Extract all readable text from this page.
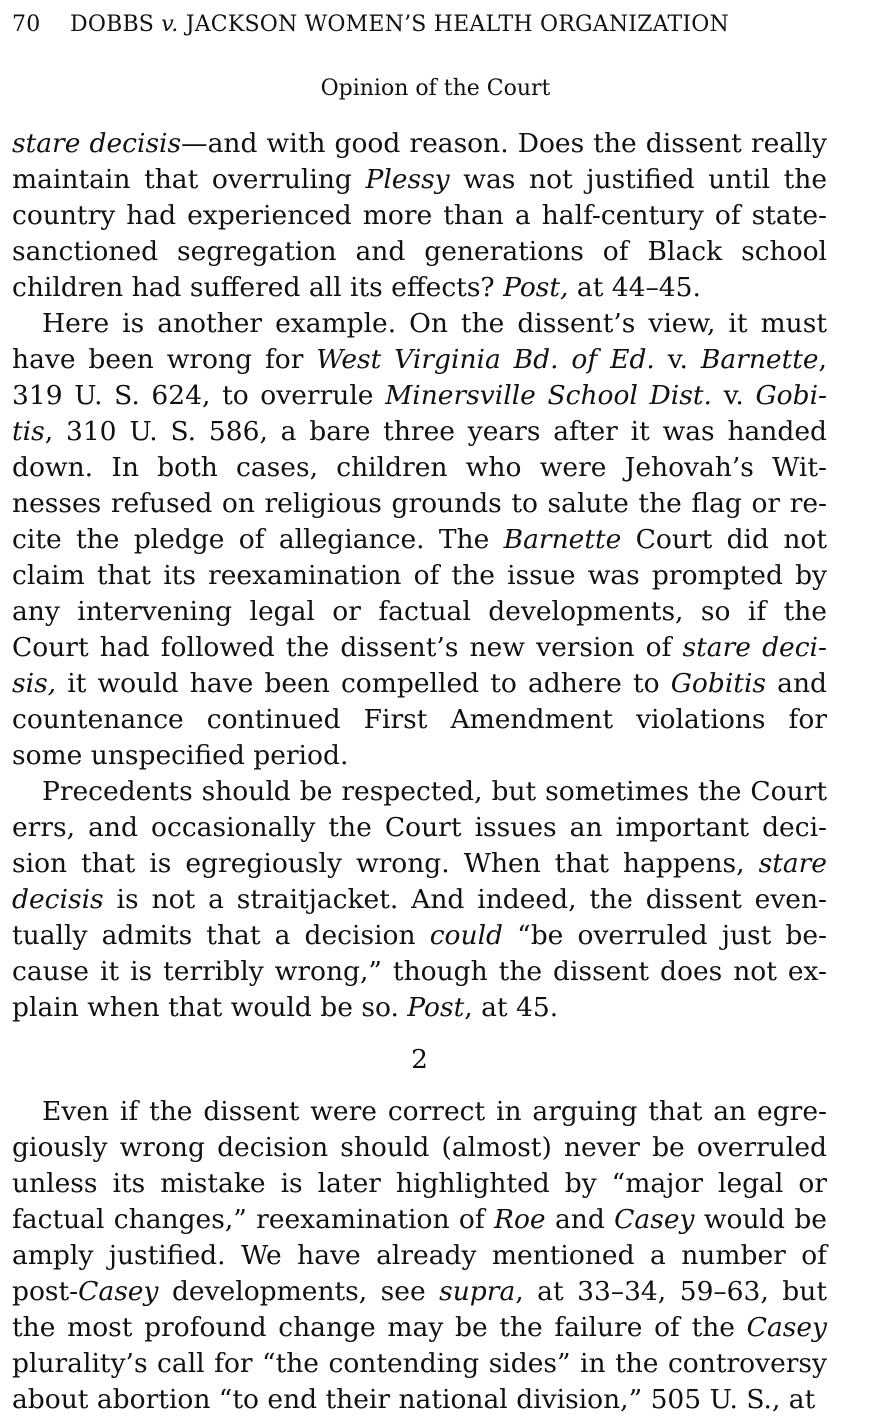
70 DOBBS v. JACKSON WOMEN’S HEALTH ORGANIZATION
Opinion of the Court

stare decisis—and with good reason. Does the dissent really maintain that overruling Plessy was not justified until the country had experienced more than a half-century of state-sanctioned segregation and generations of Black school children had suffered all its effects? Post, at 44–45.

Here is another example. On the dissent’s view, it must have been wrong for West Virginia Bd. of Ed. v. Barnette, 319 U. S. 624, to overrule Minersville School Dist. v. Gobi-tis, 310 U. S. 586, a bare three years after it was handed down. In both cases, children who were Jehovah’s Wit-nesses refused on religious grounds to salute the flag or re-cite the pledge of allegiance. The Barnette Court did not claim that its reexamination of the issue was prompted by any intervening legal or factual developments, so if the Court had followed the dissent’s new version of stare deci-sis, it would have been compelled to adhere to Gobitis and countenance continued First Amendment violations for some unspecified period.

Precedents should be respected, but sometimes the Court errs, and occasionally the Court issues an important deci-sion that is egregiously wrong. When that happens, stare decisis is not a straitjacket. And indeed, the dissent even-tually admits that a decision could “be overruled just be-cause it is terribly wrong,” though the dissent does not ex-plain when that would be so. Post, at 45.

2

Even if the dissent were correct in arguing that an egre-giously wrong decision should (almost) never be overruled unless its mistake is later highlighted by “major legal or factual changes,” reexamination of Roe and Casey would be amply justified. We have already mentioned a number of post-Casey developments, see supra, at 33–34, 59–63, but the most profound change may be the failure of the Casey plurality’s call for “the contending sides” in the controversy about abortion “to end their national division,” 505 U. S., at
